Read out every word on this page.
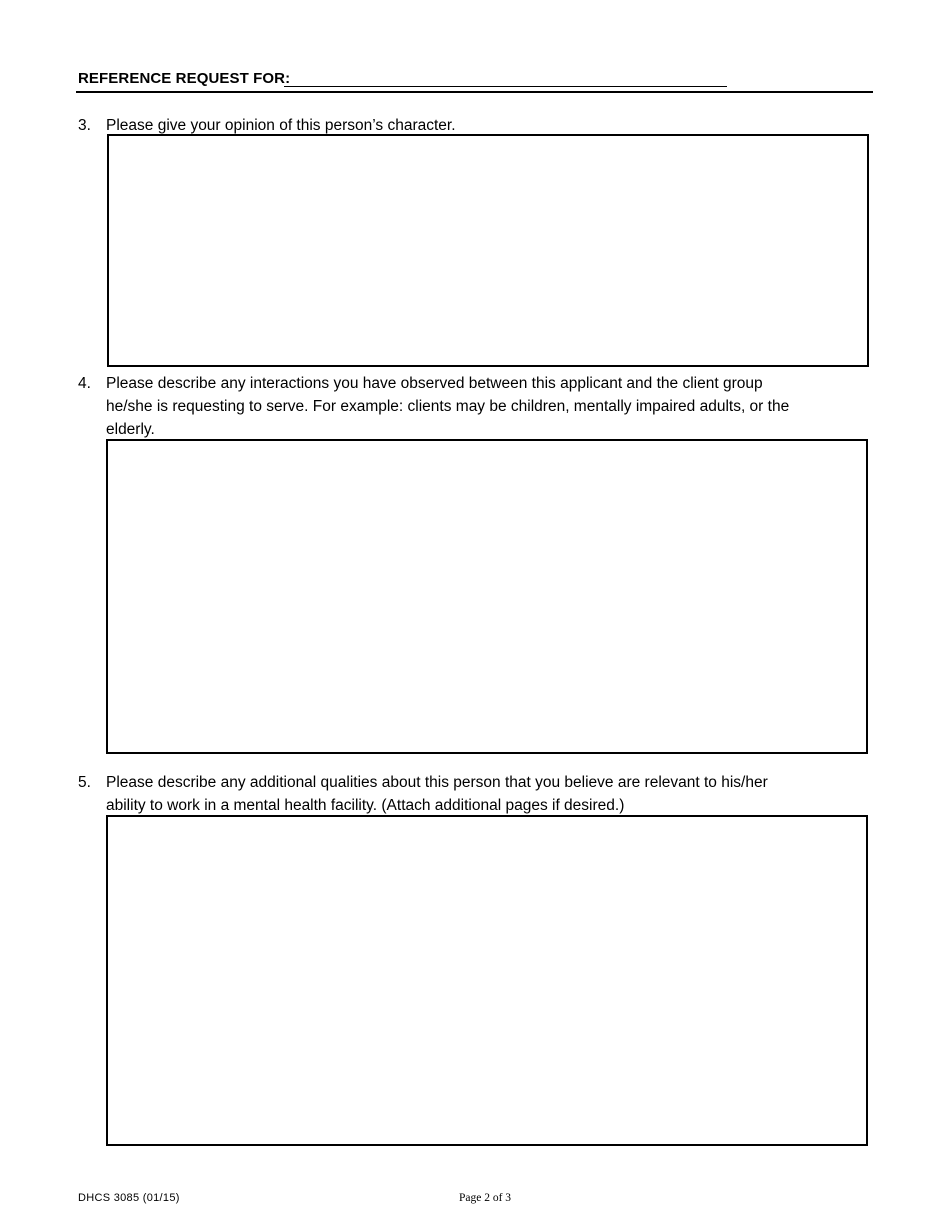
REFERENCE REQUEST FOR:
3. Please give your opinion of this person’s character.
4. Please describe any interactions you have observed between this applicant and the client group
he/she is requesting to serve. For example: clients may be children, mentally impaired adults, or the
elderly.
5. Please describe any additional qualities about this person that you believe are relevant to his/her
ability to work in a mental health facility. (Attach additional pages if desired.)
DHCS 3085 (01/15)	Page 2 of 3
